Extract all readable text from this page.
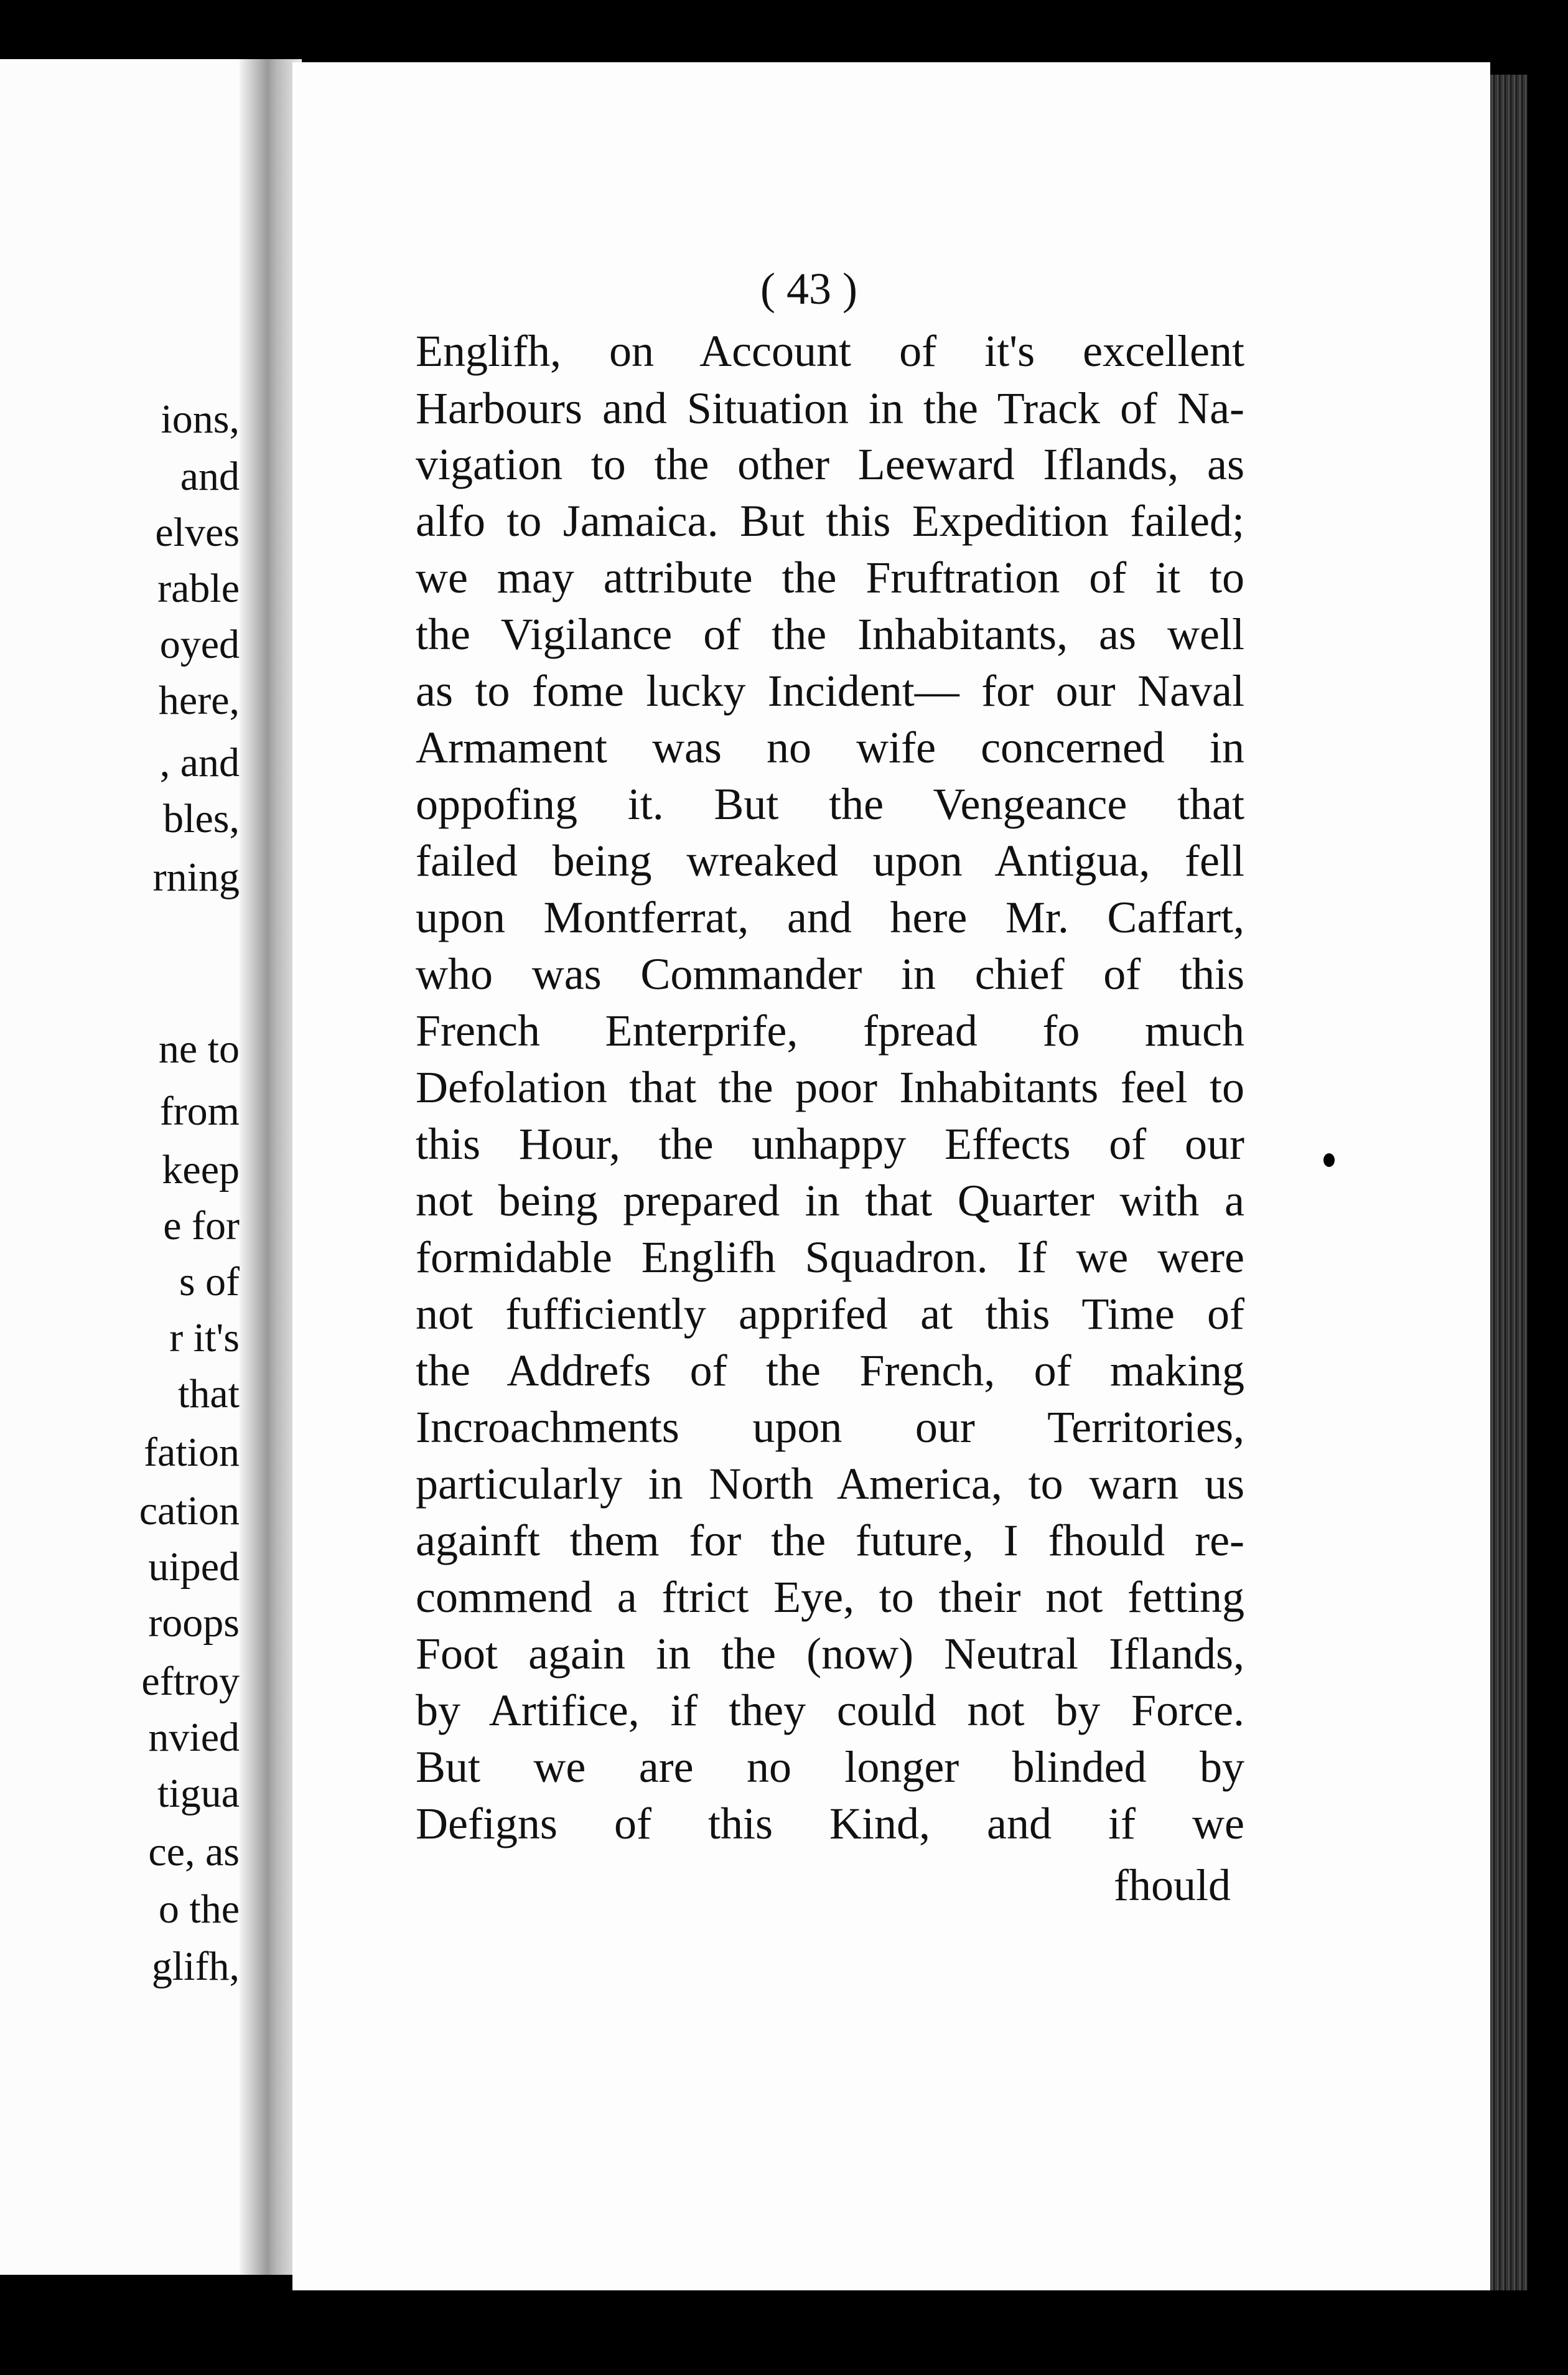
ions,
and
elves
rable
oyed
here,
, and
bles,
rning
ne to
from
keep
e for
s of
r it's
that
fation
cation
uiped
roops
eftroy
nvied
tigua
ce, as
o the
glifh,
( 43 )
Englifh, on Account of it's excellent
Harbours and Situation in the Track of Na-
vigation to the other Leeward Iflands, as
alfo to Jamaica. But this Expedition failed;
we may attribute the Fruftration of it to
the Vigilance of the Inhabitants, as well
as to fome lucky Incident— for our Naval
Armament was no wife concerned in
oppofing it. But the Vengeance that
failed being wreaked upon Antigua, fell
upon Montferrat, and here Mr. Caffart,
who was Commander in chief of this
French Enterprife, fpread fo much
Defolation that the poor Inhabitants feel to
this Hour, the unhappy Effects of our
not being prepared in that Quarter with a
formidable Englifh Squadron. If we were
not fufficiently apprifed at this Time of
the Addrefs of the French, of making
Incroachments upon our Territories,
particularly in North America, to warn us
againft them for the future, I fhould re-
commend a ftrict Eye, to their not fetting
Foot again in the (now) Neutral Iflands,
by Artifice, if they could not by Force.
But we are no longer blinded by
Defigns of this Kind, and if we
fhould
